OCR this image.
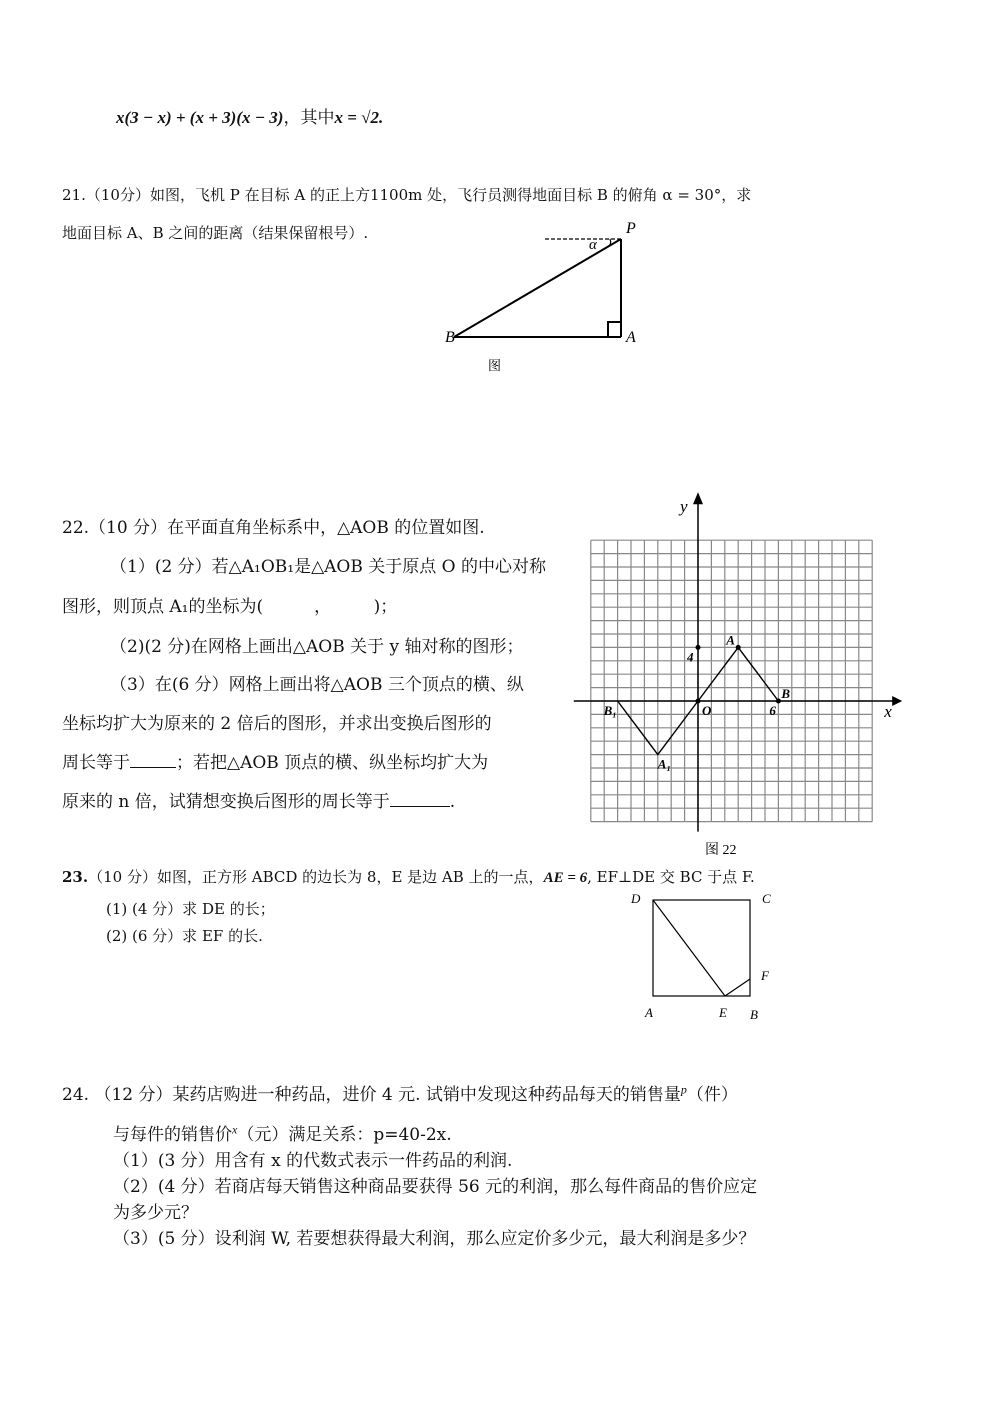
x(3 − x) + (x + 3)(x − 3)，其中x = √2.
21.（10分）如图，飞机 P 在目标 A 的正上方1100m 处，飞行员测得地面目标 B 的俯角 α = 30°，求
地面目标 A、B 之间的距离（结果保留根号）.
α
P
A
B
图
22.（10 分）在平面直角坐标系中，△AOB 的位置如图.
（1）(2 分）若△A₁OB₁是△AOB 关于原点 O 的中心对称
图形，则顶点 A₁的坐标为(　　　，　　　)；
（2)(2 分)在网格上画出△AOB 关于 y 轴对称的图形；
（3）在(6 分）网格上画出将△AOB 三个顶点的横、纵
坐标均扩大为原来的 2 倍后的图形，并求出变换后图形的
周长等于	；若把△AOB 顶点的横、纵坐标均扩大为
原来的 n 倍，试猜想变换后图形的周长等于	.
x
y
4
6
O
A
B
A₁
B₁
图 22
23.（10 分）如图，正方形 ABCD 的边长为 8，E 是边 AB 上的一点，AE = 6, EF⊥DE 交 BC 于点 F.
(1) (4 分）求 DE 的长；
(2) (6 分）求 EF 的长.
D	C
F
A	E B
24. （12 分）某药店购进一种药品，进价 4 元. 试销中发现这种药品每天的销售量$^p$（件）
与每件的销售价$^x$（元）满足关系：p=40-2x.
（1）(3 分）用含有 x 的代数式表示一件药品的利润.
（2）(4 分）若商店每天销售这种商品要获得 56 元的利润，那么每件商品的售价应定
为多少元？
（3）(5 分）设利润 W, 若要想获得最大利润，那么应定价多少元，最大利润是多少？
